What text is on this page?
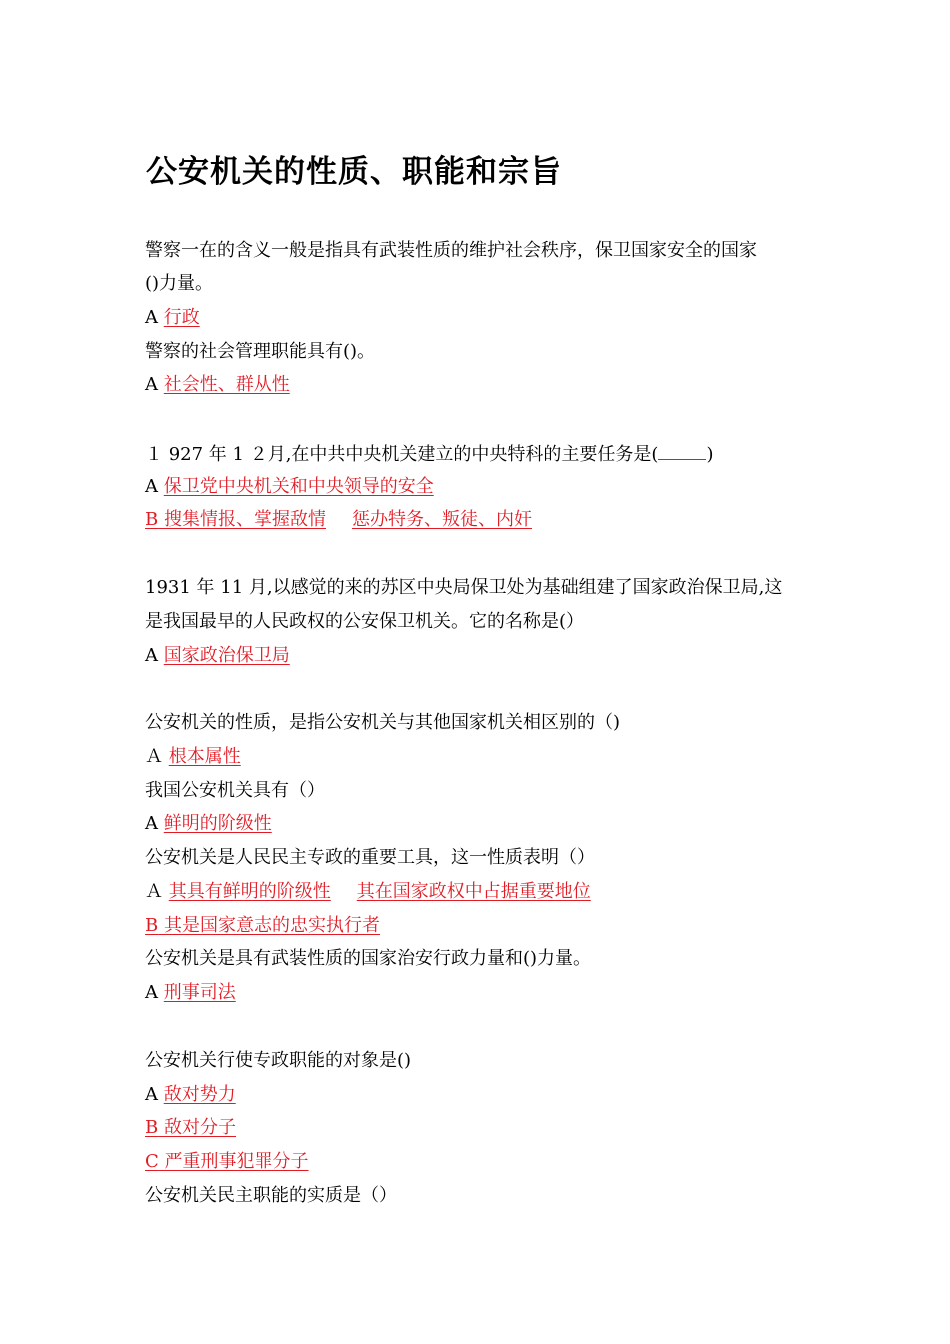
公安机关的性质、职能和宗旨
警察一在的含义一般是指具有武装性质的维护社会秩序，保卫国家安全的国家
()力量。
A 行政
警察的社会管理职能具有()。
A 社会性、群从性
１ 927 年 1 ２月,在中共中央机关建立的中央特科的主要任务是(	)
A 保卫党中央机关和中央领导的安全
B 搜集情报、掌握敌情 惩办特务、叛徒、内奸
1931 年 11 月,以感觉的来的苏区中央局保卫处为基础组建了国家政治保卫局,这
是我国最早的人民政权的公安保卫机关。它的名称是(）
A 国家政治保卫局
公安机关的性质，是指公安机关与其他国家机关相区别的（)
Ａ 根本属性
我国公安机关具有（）
A 鲜明的阶级性
公安机关是人民民主专政的重要工具，这一性质表明（）
Ａ 其具有鲜明的阶级性 其在国家政权中占据重要地位
B 其是国家意志的忠实执行者
公安机关是具有武装性质的国家治安行政力量和()力量。
A 刑事司法
公安机关行使专政职能的对象是()
A 敌对势力
B 敌对分子
C 严重刑事犯罪分子
公安机关民主职能的实质是（）
